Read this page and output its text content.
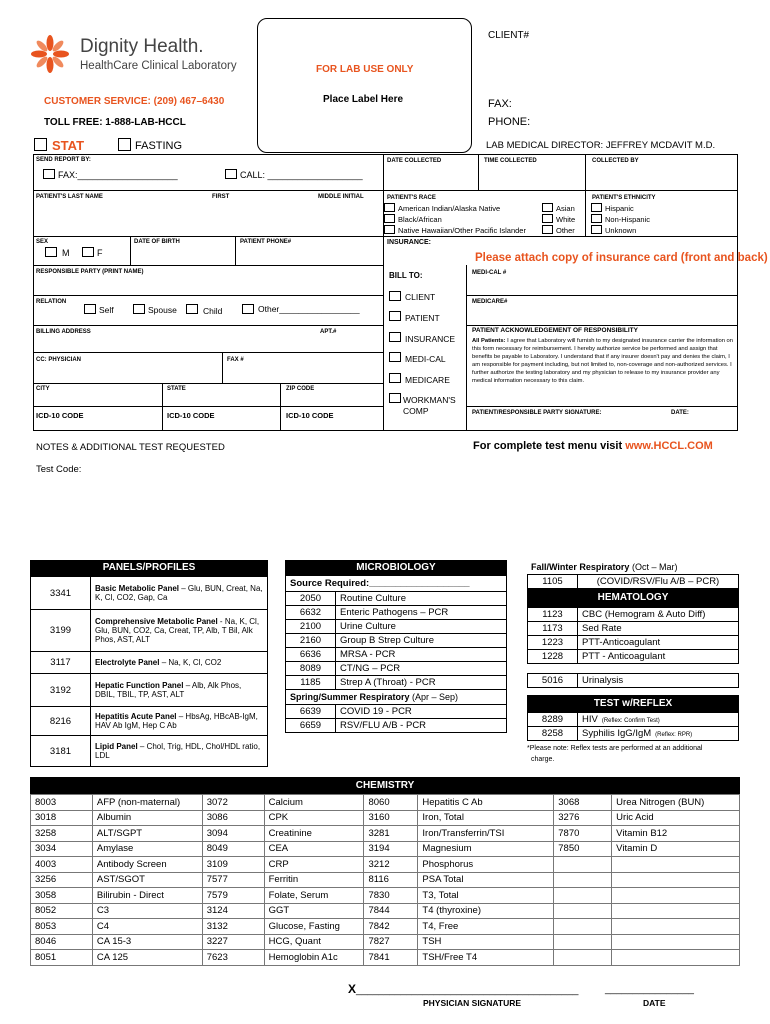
Dignity Health.
HealthCare Clinical Laboratory
CLIENT#
FOR LAB USE ONLY
Place Label Here
CUSTOMER SERVICE: (209) 467–6430
TOLL FREE: 1-888-LAB-HCCL
FAX:
PHONE:
STAT	FASTING	LAB MEDICAL DIRECTOR: JEFFREY MCDAVIT M.D.
SEND REPORT BY:
FAX:____________________	CALL: ___________________
DATE COLLECTED	TIME COLLECTED	COLLECTED BY
PATIENT'S LAST NAME	FIRST	MIDDLE INITIAL	PATIENT'S RACE
American Indian/Alaska Native
Black/African
Native Hawaiian/Other Pacific Islander
Asian
White
Other
PATIENT'S ETHNICITY
Hispanic
Non-Hispanic
Unknown
SEX
M	F
DATE OF BIRTH	PATIENT PHONE#	INSURANCE:
Please attach copy of insurance card (front and back)
RESPONSIBLE PARTY (PRINT NAME)	BILL TO:	MEDI-CAL #
RELATION
Self	Spouse	Child	Other_________________
CLIENT
PATIENT
INSURANCE
MEDI-CAL
MEDICARE
WORKMAN'S
COMP
MEDICARE#
BILLING ADDRESS	APT.#	PATIENT ACKNOWLEDGEMENT OF RESPONSIBILITY
All Patients: I agree that Laboratory will furnish to my designated insurance carrier the information on this form necessary for reimbursement. I hereby authorize service be performed and assign that benefits be payable to Laboratory. I understand that if any insurer doesn't pay and denies the claim, I am responsible for payment including, but not limited to, non-coverage and non-authorized services. I further authorize the testing laboratory and my physician to release to my insurance provider any medical information necessary to this claim.
CC: PHYSICIAN	FAX #
CITY	STATE	ZIP CODE
ICD-10 CODE	ICD-10 CODE	ICD-10 CODE	PATIENT/RESPONSIBLE PARTY SIGNATURE:	DATE:
NOTES & ADDITIONAL TEST REQUESTED	For complete test menu visit www.HCCL.COM
Test Code:
PANELS/PROFILES
3341	Basic Metabolic Panel – Glu, BUN, Creat, Na, K, Cl, CO2, Gap, Ca
3199	Comprehensive Metabolic Panel - Na, K, Cl, Glu, BUN, CO2, Ca, Creat, TP, Alb, T Bil, Alk Phos, AST, ALT
3117	Electrolyte Panel – Na, K, Cl, CO2
3192	Hepatic Function Panel – Alb, Alk Phos, DBIL, TBIL, TP, AST, ALT
8216	Hepatitis Acute Panel – HbsAg, HBcAB-IgM, HAV Ab IgM, Hep C Ab
3181	Lipid Panel – Chol, Trig, HDL, Chol/HDL ratio, LDL
MICROBIOLOGY
Source Required:___________________
2050	Routine Culture
6632	Enteric Pathogens – PCR
2100	Urine Culture
2160	Group B Strep Culture
6636	MRSA - PCR
8089	CT/NG – PCR
1185	Strep A (Throat) - PCR
Spring/Summer Respiratory (Apr – Sep)
6639	COVID 19 - PCR
6659	RSV/FLU A/B - PCR
Fall/Winter Respiratory (Oct – Mar)
1105	(COVID/RSV/Flu A/B – PCR)
HEMATOLOGY
1123	CBC (Hemogram & Auto Diff)
1173	Sed Rate
1223	PTT-Anticoagulant
1228	PTT - Anticoagulant
5016	Urinalysis
TEST w/REFLEX
8289	HIV (Reflex: Confirm Test)
8258	Syphilis IgG/IgM (Reflex: RPR)
*Please note: Reflex tests are performed at an additional
charge.
CHEMISTRY
8003	AFP (non-maternal)	3072	Calcium	8060	Hepatitis C Ab	3068	Urea Nitrogen (BUN)
3018	Albumin	3086	CPK	3160	Iron, Total	3276	Uric Acid
3258	ALT/SGPT	3094	Creatinine	3281	Iron/Transferrin/TSI	7870	Vitamin B12
3034	Amylase	8049	CEA	3194	Magnesium	7850	Vitamin D
4003	Antibody Screen	3109	CRP	3212	Phosphorus		
3256	AST/SGOT	7577	Ferritin	8116	PSA Total		
3058	Bilirubin - Direct	7579	Folate, Serum	7830	T3, Total		
8052	C3	3124	GGT	7844	T4 (thyroxine)		
8053	C4	3132	Glucose, Fasting	7842	T4, Free		
8046	CA 15-3	3227	HCG, Quant	7827	TSH		
8051	CA 125	7623	Hemoglobin A1c	7841	TSH/Free T4		
X________________________________________	________________
PHYSICIAN SIGNATURE	DATE
